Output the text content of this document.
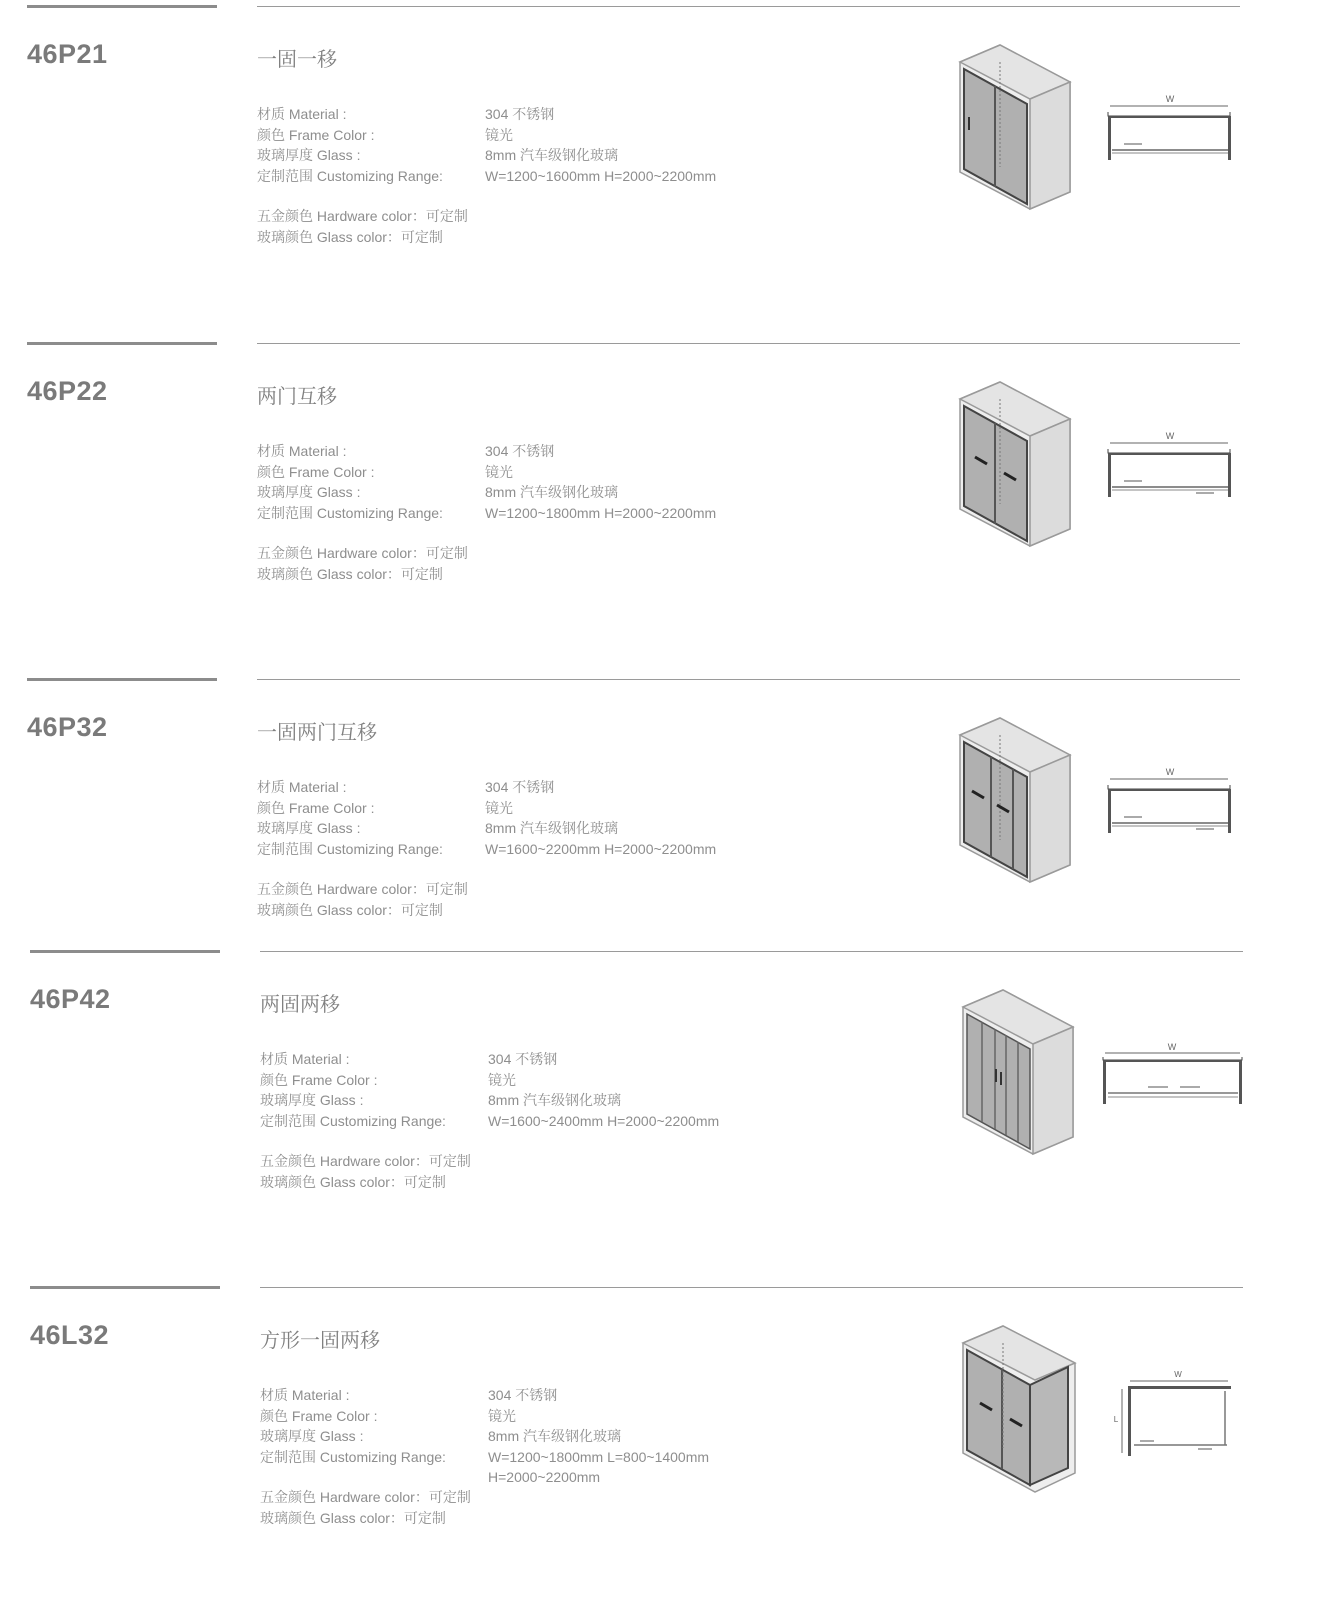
46P21	一固一移
材质 Material :	304 不锈钢
颜色 Frame Color :	镜光
玻璃厚度 Glass :	8mm 汽车级钢化玻璃
定制范围 Customizing Range:	W=1200~1600mm H=2000~2200mm
五金颜色 Hardware color：可定制
玻璃颜色 Glass color：可定制
W
46P22	两门互移
材质 Material :	304 不锈钢
颜色 Frame Color :	镜光
玻璃厚度 Glass :	8mm 汽车级钢化玻璃
定制范围 Customizing Range:	W=1200~1800mm H=2000~2200mm
五金颜色 Hardware color：可定制
玻璃颜色 Glass color：可定制
W
46P32	一固两门互移
材质 Material :	304 不锈钢
颜色 Frame Color :	镜光
玻璃厚度 Glass :	8mm 汽车级钢化玻璃
定制范围 Customizing Range:	W=1600~2200mm H=2000~2200mm
五金颜色 Hardware color：可定制
玻璃颜色 Glass color：可定制
W
46P42	两固两移
材质 Material :	304 不锈钢
颜色 Frame Color :	镜光
玻璃厚度 Glass :	8mm 汽车级钢化玻璃
定制范围 Customizing Range:	W=1600~2400mm H=2000~2200mm
五金颜色 Hardware color：可定制
玻璃颜色 Glass color：可定制
W
46L32	方形一固两移
材质 Material :	304 不锈钢
颜色 Frame Color :	镜光
玻璃厚度 Glass :	8mm 汽车级钢化玻璃
定制范围 Customizing Range:	W=1200~1800mm L=800~1400mm
H=2000~2200mm
五金颜色 Hardware color：可定制
玻璃颜色 Glass color：可定制
W
L
